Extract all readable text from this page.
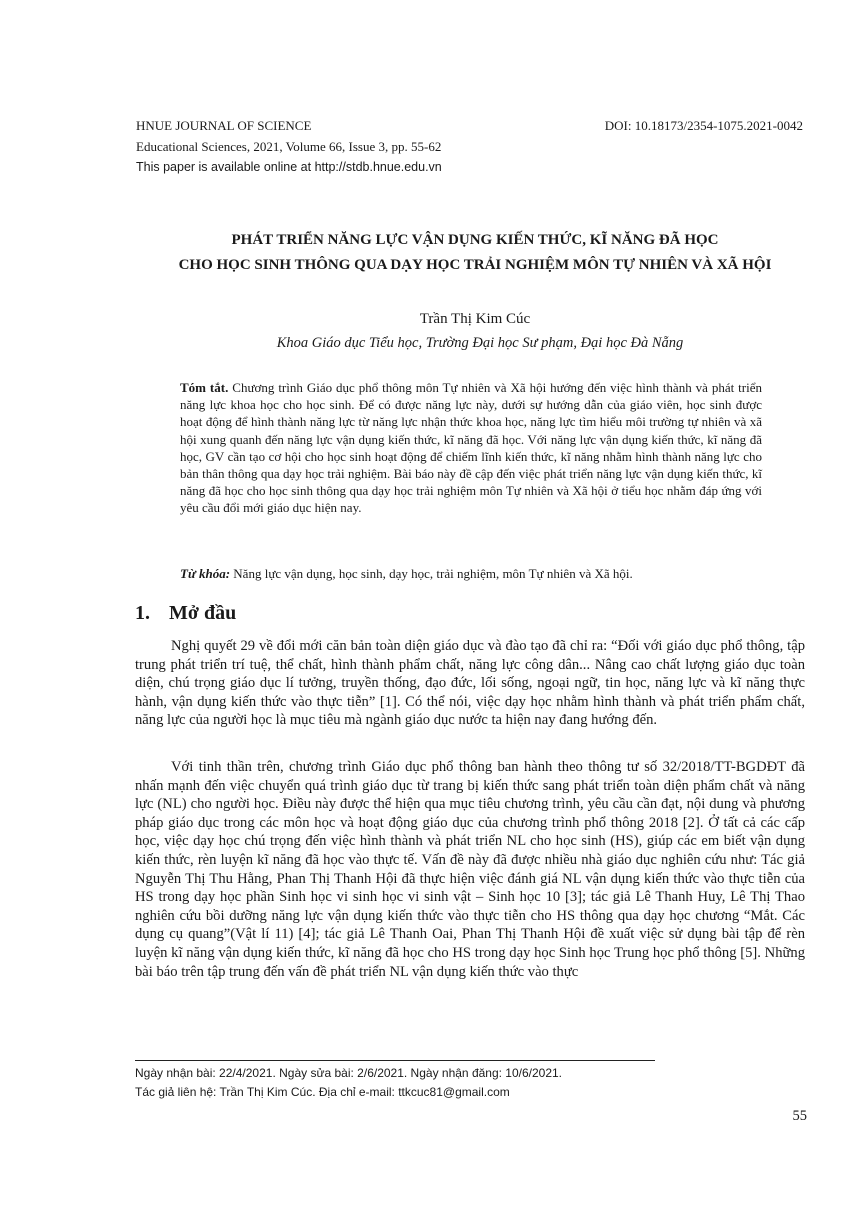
HNUE JOURNAL OF SCIENCE	DOI: 10.18173/2354-1075.2021-0042
Educational Sciences, 2021, Volume 66, Issue 3, pp. 55-62
This paper is available online at http://stdb.hnue.edu.vn
PHÁT TRIỂN NĂNG LỰC VẬN DỤNG KIẾN THỨC, KĨ NĂNG ĐÃ HỌC
CHO HỌC SINH THÔNG QUA DẠY HỌC TRẢI NGHIỆM MÔN TỰ NHIÊN VÀ XÃ HỘI
Trần Thị Kim Cúc
Khoa Giáo dục Tiểu học, Trường Đại học Sư phạm, Đại học Đà Nẵng
Tóm tắt. Chương trình Giáo dục phổ thông môn Tự nhiên và Xã hội hướng đến việc hình thành và phát triển năng lực khoa học cho học sinh. Để có được năng lực này, dưới sự hướng dẫn của giáo viên, học sinh được hoạt động để hình thành năng lực từ năng lực nhận thức khoa học, năng lực tìm hiểu môi trường tự nhiên và xã hội xung quanh đến năng lực vận dụng kiến thức, kĩ năng đã học. Với năng lực vận dụng kiến thức, kĩ năng đã học, GV cần tạo cơ hội cho học sinh hoạt động để chiếm lĩnh kiến thức, kĩ năng nhằm hình thành năng lực cho bản thân thông qua dạy học trải nghiệm. Bài báo này đề cập đến việc phát triển năng lực vận dụng kiến thức, kĩ năng đã học cho học sinh thông qua dạy học trải nghiệm môn Tự nhiên và Xã hội ở tiểu học nhằm đáp ứng với yêu cầu đổi mới giáo dục hiện nay.
Từ khóa: Năng lực vận dụng, học sinh, dạy học, trải nghiệm, môn Tự nhiên và Xã hội.
1. Mở đầu
Nghị quyết 29 về đổi mới căn bản toàn diện giáo dục và đào tạo đã chỉ ra: “Đối với giáo dục phổ thông, tập trung phát triển trí tuệ, thể chất, hình thành phẩm chất, năng lực công dân... Nâng cao chất lượng giáo dục toàn diện, chú trọng giáo dục lí tưởng, truyền thống, đạo đức, lối sống, ngoại ngữ, tin học, năng lực và kĩ năng thực hành, vận dụng kiến thức vào thực tiễn” [1]. Có thể nói, việc dạy học nhằm hình thành và phát triển phẩm chất, năng lực của người học là mục tiêu mà ngành giáo dục nước ta hiện nay đang hướng đến.
Với tinh thần trên, chương trình Giáo dục phổ thông ban hành theo thông tư số 32/2018/TT-BGDĐT đã nhấn mạnh đến việc chuyển quá trình giáo dục từ trang bị kiến thức sang phát triển toàn diện phẩm chất và năng lực (NL) cho người học. Điều này được thể hiện qua mục tiêu chương trình, yêu cầu cần đạt, nội dung và phương pháp giáo dục trong các môn học và hoạt động giáo dục của chương trình phổ thông 2018 [2]. Ở tất cả các cấp học, việc dạy học chú trọng đến việc hình thành và phát triển NL cho học sinh (HS), giúp các em biết vận dụng kiến thức, rèn luyện kĩ năng đã học vào thực tế. Vấn đề này đã được nhiều nhà giáo dục nghiên cứu như: Tác giả Nguyễn Thị Thu Hằng, Phan Thị Thanh Hội đã thực hiện việc đánh giá NL vận dụng kiến thức vào thực tiễn của HS trong dạy học phần Sinh học vi sinh học vi sinh vật – Sinh học 10 [3]; tác giả Lê Thanh Huy, Lê Thị Thao nghiên cứu bồi dưỡng năng lực vận dụng kiến thức vào thực tiễn cho HS thông qua dạy học chương “Mắt. Các dụng cụ quang”(Vật lí 11) [4]; tác giả Lê Thanh Oai, Phan Thị Thanh Hội đề xuất việc sử dụng bài tập để rèn luyện kĩ năng vận dụng kiến thức, kĩ năng đã học cho HS trong dạy học Sinh học Trung học phổ thông [5]. Những bài báo trên tập trung đến vấn đề phát triển NL vận dụng kiến thức vào thực
Ngày nhận bài: 22/4/2021. Ngày sửa bài: 2/6/2021. Ngày nhận đăng: 10/6/2021.
Tác giả liên hệ: Trần Thị Kim Cúc. Địa chỉ e-mail: ttkcuc81@gmail.com
55
